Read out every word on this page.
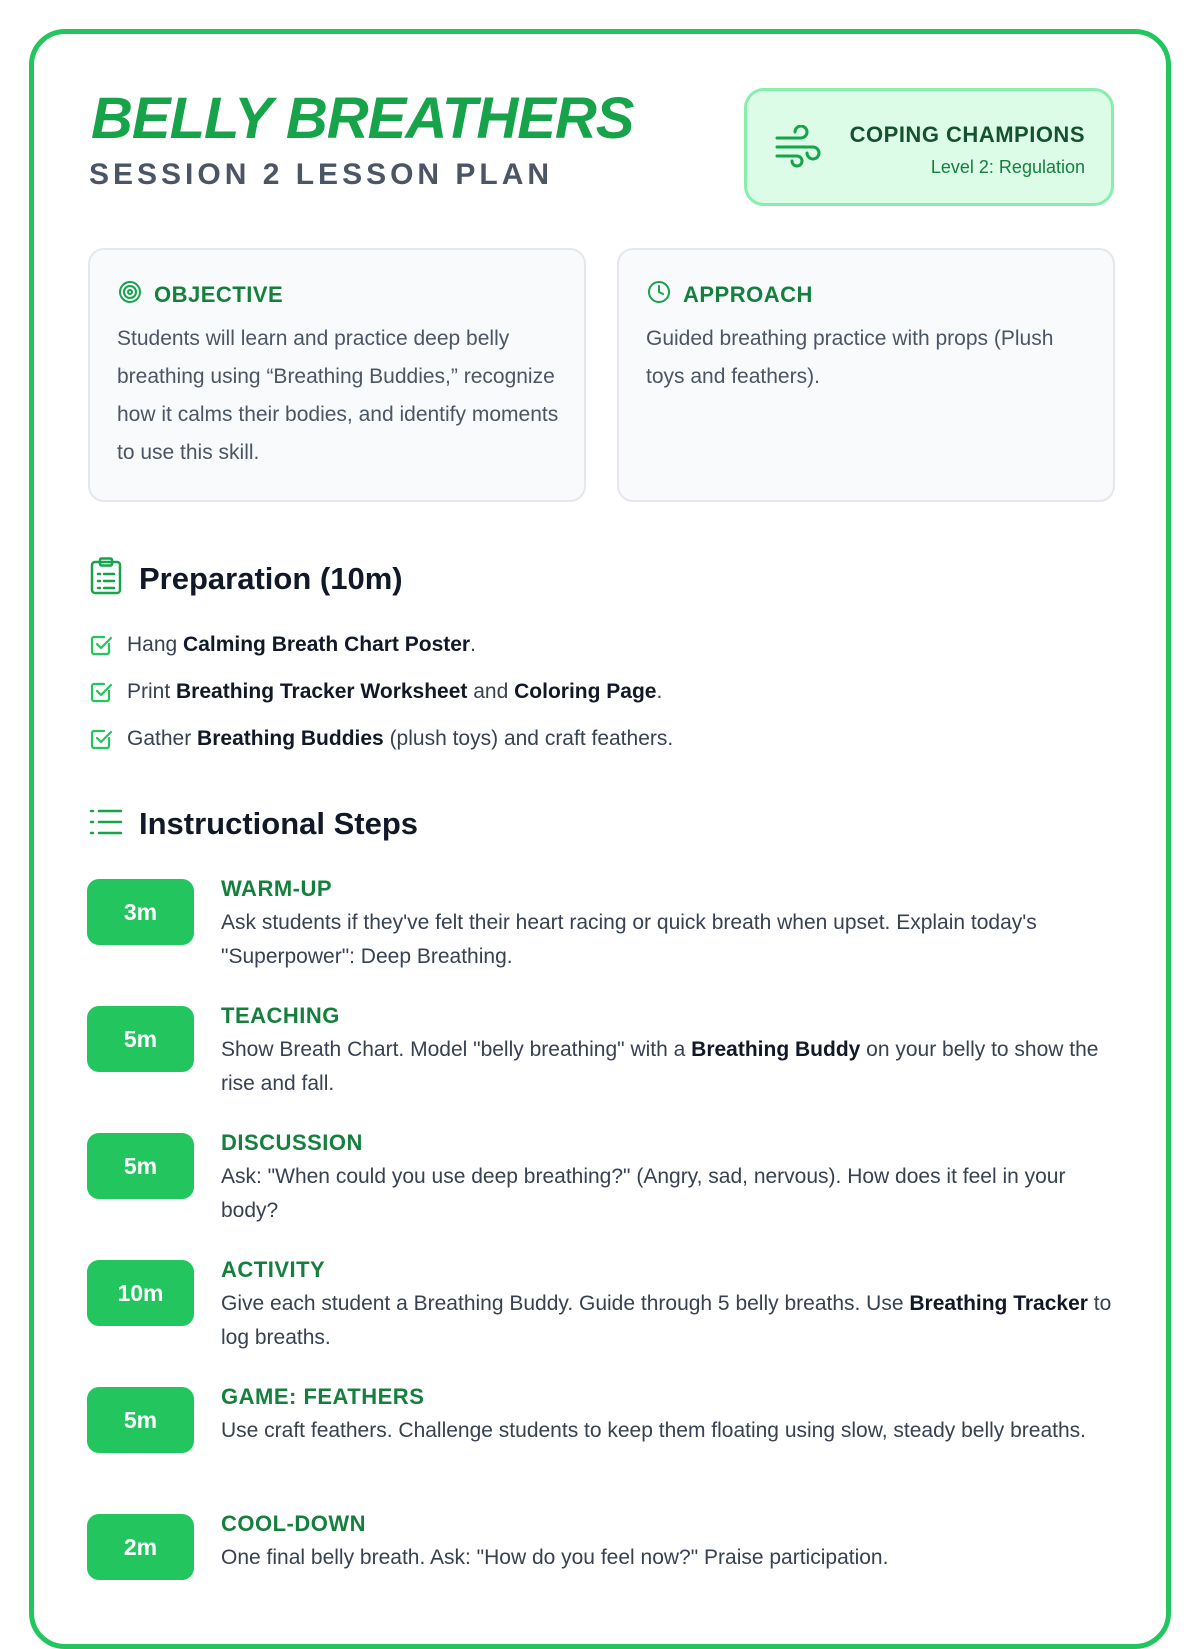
BELLY BREATHERS
SESSION 2 LESSON PLAN
COPING CHAMPIONS
Level 2: Regulation
OBJECTIVE
Students will learn and practice deep belly breathing using “Breathing Buddies,” recognize how it calms their bodies, and identify moments to use this skill.
APPROACH
Guided breathing practice with props (Plush toys and feathers).
Preparation (10m)
Hang Calming Breath Chart Poster.
Print Breathing Tracker Worksheet and Coloring Page.
Gather Breathing Buddies (plush toys) and craft feathers.
Instructional Steps
3m
WARM-UP
Ask students if they've felt their heart racing or quick breath when upset. Explain today's "Superpower": Deep Breathing.
5m
TEACHING
Show Breath Chart. Model "belly breathing" with a Breathing Buddy on your belly to show the rise and fall.
5m
DISCUSSION
Ask: "When could you use deep breathing?" (Angry, sad, nervous). How does it feel in your body?
10m
ACTIVITY
Give each student a Breathing Buddy. Guide through 5 belly breaths. Use Breathing Tracker to log breaths.
5m
GAME: FEATHERS
Use craft feathers. Challenge students to keep them floating using slow, steady belly breaths.
2m
COOL-DOWN
One final belly breath. Ask: "How do you feel now?" Praise participation.
